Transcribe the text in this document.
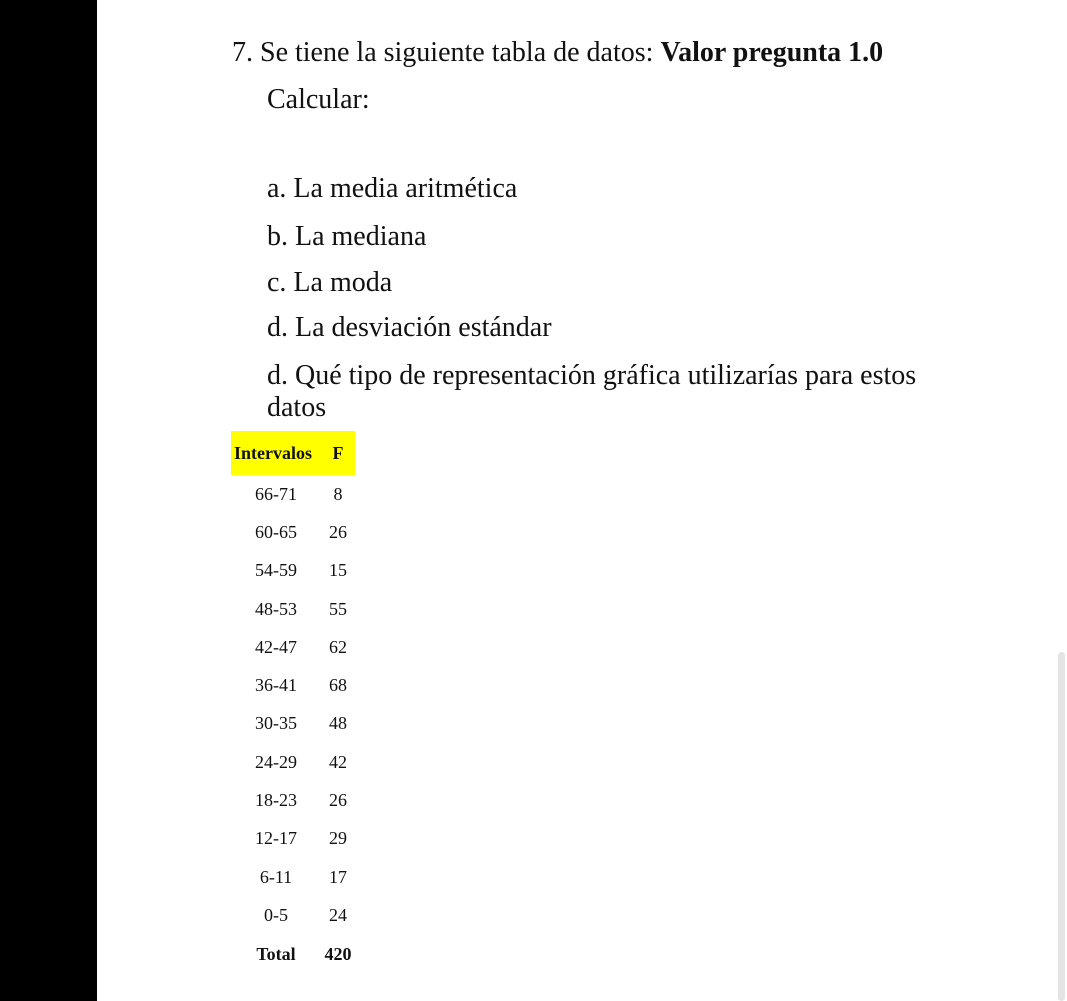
7. Se tiene la siguiente tabla de datos: Valor pregunta 1.0
Calcular:
a. La media aritmética
b. La mediana
c. La moda
d. La desviación estándar
d. Qué tipo de representación gráfica utilizarías para estos datos
Intervalos	F
66-71	8
60-65	26
54-59	15
48-53	55
42-47	62
36-41	68
30-35	48
24-29	42
18-23	26
12-17	29
6-11	17
0-5	24
Total	420
